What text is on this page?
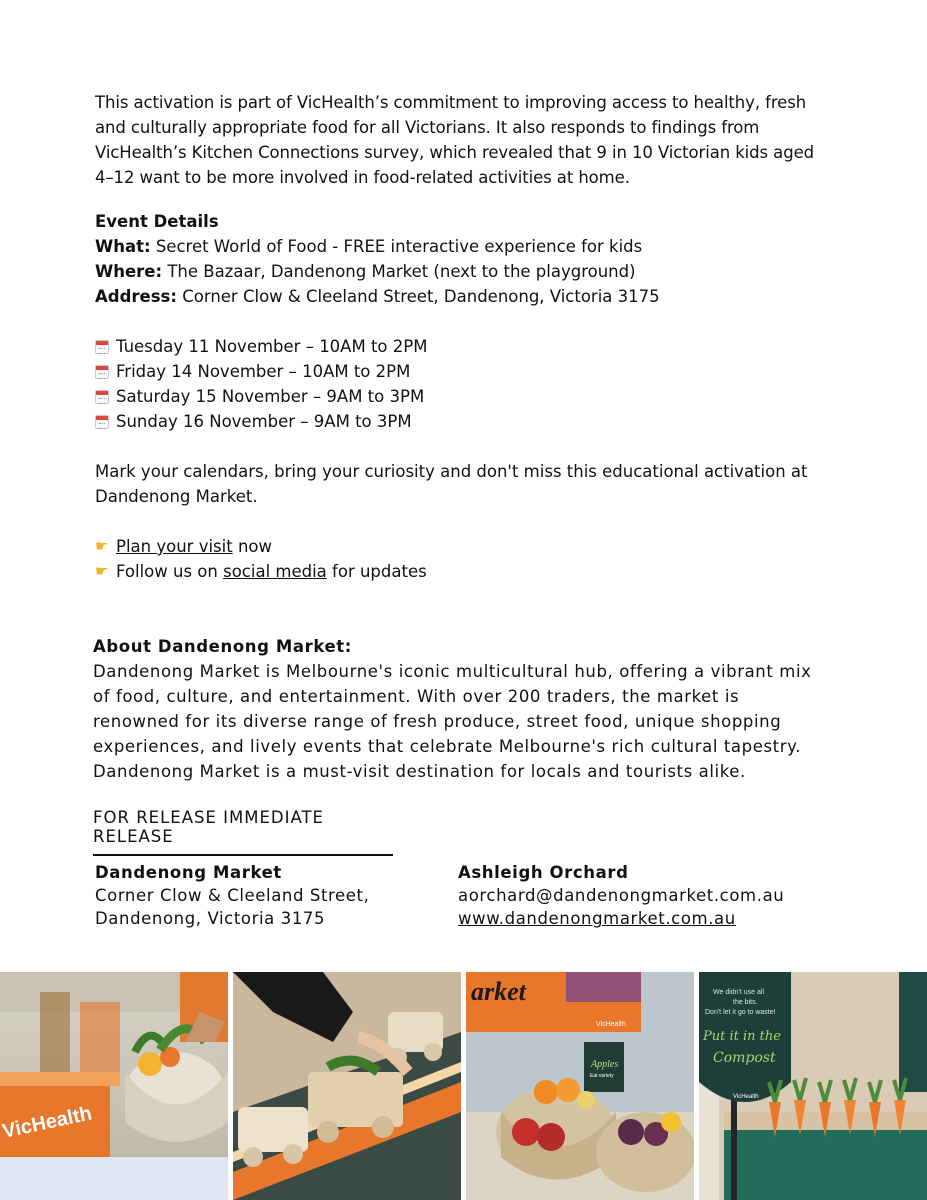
This activation is part of VicHealth’s commitment to improving access to healthy, fresh
and culturally appropriate food for all Victorians. It also responds to findings from
VicHealth’s Kitchen Connections survey, which revealed that 9 in 10 Victorian kids aged
4–12 want to be more involved in food-related activities at home.

Event Details
What: Secret World of Food - FREE interactive experience for kids
Where: The Bazaar, Dandenong Market (next to the playground)
Address: Corner Clow & Cleeland Street, Dandenong, Victoria 3175
Tuesday 11 November – 10AM to 2PM
Friday 14 November – 10AM to 2PM
Saturday 15 November – 9AM to 3PM
Sunday 16 November – 9AM to 3PM

Mark your calendars, bring your curiosity and don't miss this educational activation at
Dandenong Market.

☛ Plan your visit now
☛ Follow us on social media for updates
About Dandenong Market:
Dandenong Market is Melbourne's iconic multicultural hub, offering a vibrant mix
of food, culture, and entertainment. With over 200 traders, the market is
renowned for its diverse range of fresh produce, street food, unique shopping
experiences, and lively events that celebrate Melbourne's rich cultural tapestry.
Dandenong Market is a must-visit destination for locals and tourists alike.
FOR RELEASE IMMEDIATE RELEASE
Dandenong Market
Corner Clow & Cleeland Street,
Dandenong, Victoria 3175
Ashleigh Orchard
aorchard@dandenongmarket.com.au
www.dandenongmarket.com.au
VicHealth
arket
VicHealth
Apples
Eat variety
We didn't use all
the bits.
Don't let it go to waste!
Put it in the
Compost
VicHealth
